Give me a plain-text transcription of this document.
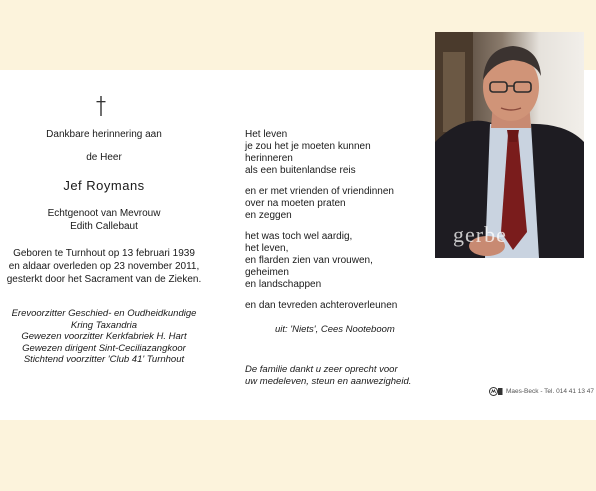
Dankbare herinnering aan
de Heer
Jef Roymans
Echtgenoot van Mevrouw
Edith Callebaut
Geboren te Turnhout op 13 februari 1939
en aldaar overleden op 23 november 2011,
gesterkt door het Sacrament van de Zieken.
Erevoorzitter Geschied- en Oudheidkundige
Kring Taxandria
Gewezen voorzitter Kerkfabriek H. Hart
Gewezen dirigent Sint-Ceciliazangkoor
Stichtend voorzitter 'Club 41' Turnhout
Het leven
je zou het je moeten kunnen
herinneren
als een buitenlandse reis
en er met vrienden of vriendinnen
over na moeten praten
en zeggen
het was toch wel aardig,
het leven,
en flarden zien van vrouwen,
geheimen
en landschappen
en dan tevreden achteroverleunen
uit: 'Niets', Cees Nooteboom
De familie dankt u zeer oprecht voor
uw medeleven, steun en aanwezigheid.
gerbe
Maes-Beck - Tel. 014 41 13 47
